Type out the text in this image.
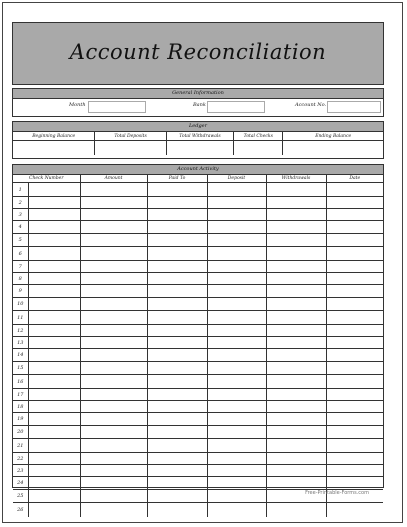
Account Reconciliation
General Information
Month	Bank	Account No.
Ledger
Beginning Balance	Total Deposits	Total Withdrawals	Total Checks	Ending Balance

Account Activity
Check Number		Amount	Paid To	Deposit	Withdrawals	Date
1						
2						
3						
4						
5						
6						
7						
8						
9						
10						
11						
12						
13						
14						
15						
16						
17						
18						
19						
20						
21						
22						
23						
24						
25						
26						
Free-Printable-Forms.com
